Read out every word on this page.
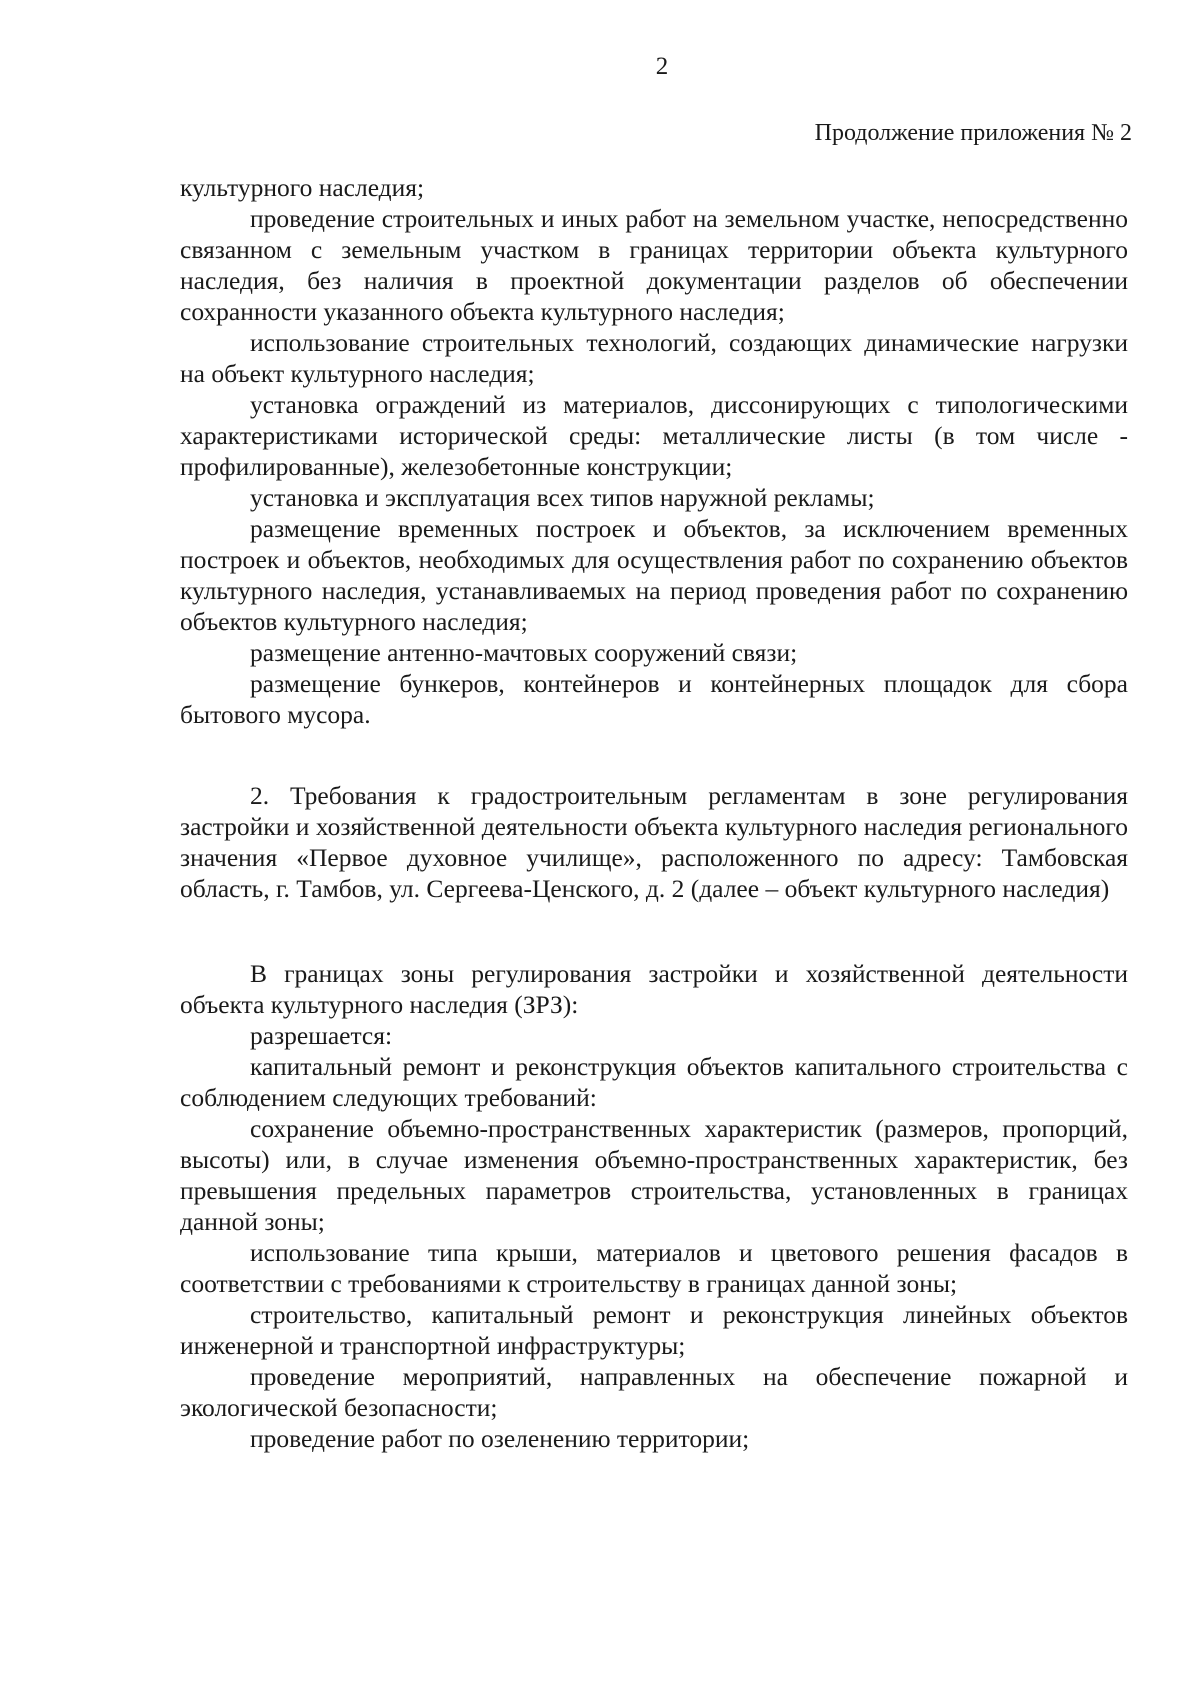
2
Продолжение приложения № 2

культурного наследия;

проведение строительных и иных работ на земельном участке, непосредственно связанном с земельным участком в границах территории объекта культурного наследия, без наличия в проектной документации разделов об обеспечении сохранности указанного объекта культурного наследия;

использование строительных технологий, создающих динамические нагрузки на объект культурного наследия;

установка ограждений из материалов, диссонирующих с типологическими характеристиками исторической среды: металлические листы (в том числе - профилированные), железобетонные конструкции;

установка и эксплуатация всех типов наружной рекламы;

размещение временных построек и объектов, за исключением временных построек и объектов, необходимых для осуществления работ по сохранению объектов культурного наследия, устанавливаемых на период проведения работ по сохранению объектов культурного наследия;

размещение антенно-мачтовых сооружений связи;

размещение бункеров, контейнеров и контейнерных площадок для сбора бытового мусора.

2. Требования к градостроительным регламентам в зоне регулирования застройки и хозяйственной деятельности объекта культурного наследия регионального значения «Первое духовное училище», расположенного по адресу: Тамбовская область, г. Тамбов, ул. Сергеева-Ценского, д. 2 (далее – объект культурного наследия)

В границах зоны регулирования застройки и хозяйственной деятельности объекта культурного наследия (ЗРЗ):

разрешается:

капитальный ремонт и реконструкция объектов капитального строительства с соблюдением следующих требований:

сохранение объемно-пространственных характеристик (размеров, пропорций, высоты) или, в случае изменения объемно-пространственных характеристик, без превышения предельных параметров строительства, установленных в границах данной зоны;

использование типа крыши, материалов и цветового решения фасадов в соответствии с требованиями к строительству в границах данной зоны;

строительство, капитальный ремонт и реконструкция линейных объектов инженерной и транспортной инфраструктуры;

проведение мероприятий, направленных на обеспечение пожарной и экологической безопасности;

проведение работ по озеленению территории;
